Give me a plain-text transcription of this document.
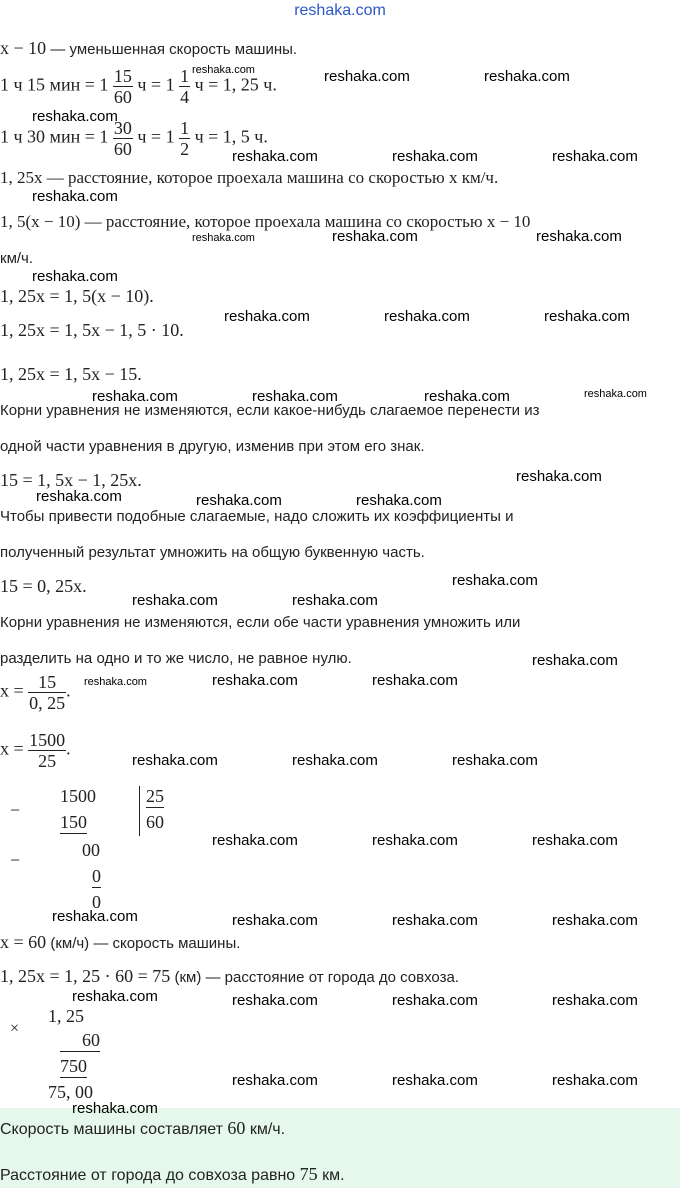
reshaka.com
x − 10 — уменьшенная скорость машины.
1 ч 15 мин = $1 \frac{15}{60}$ $ч = 1 \frac{1}{4}$ ч = 1, 25 ч.
1 ч 30 мин = $1 \frac{30}{60}$ $ч = 1 \frac{1}{2}$ ч = 1, 5 ч.
1, 25x — расстояние, которое проехала машина со скоростью x км/ч.
1, 5(x − 10) — расстояние, которое проехала машина со скоростью x − 10
км/ч.
1, 25x = 1, 5(x − 10).
1, 25x = 1, 5x − 1, 5 · 10.
1, 25x = 1, 5x − 15.
Корни уравнения не изменяются, если какое-нибудь слагаемое перенести из
одной части уравнения в другую, изменив при этом его знак.
15 = 1, 5x − 1, 25x.
Чтобы привести подобные слагаемые, надо сложить их коэффициенты и
полученный результат умножить на общую буквенную часть.
15 = 0, 25x.
Корни уравнения не изменяются, если обе части уравнения умножить или
разделить на одно и то же число, не равное нулю.
$x = \frac{15}{0, 25}$ .
$x = \frac{1500}{25}$ .
−
1500
150
−	00
0
0
25
60
x = 60 (км/ч) — скорость машины.
1, 25x = 1, 25 · 60 = 75 (км) — расстояние от города до совхоза.
×
1, 25
60
750
75, 00
Скорость машины составляет 60 км/ч.
Расстояние от города до совхоза равно 75 км.
reshaka.com	reshaka.com	reshaka.com
reshaka.com
reshaka.com	reshaka.com	reshaka.com
reshaka.com
reshaka.com	reshaka.com	reshaka.com
reshaka.com
reshaka.com	reshaka.com	reshaka.com
reshaka.com	reshaka.com	reshaka.com	reshaka.com
reshaka.com
reshaka.com	reshaka.com	reshaka.com
reshaka.com
reshaka.com	reshaka.com
reshaka.com
reshaka.com	reshaka.com	reshaka.com
reshaka.com	reshaka.com	reshaka.com
reshaka.com	reshaka.com	reshaka.com
reshaka.com	reshaka.com	reshaka.com	reshaka.com
reshaka.com	reshaka.com	reshaka.com	reshaka.com
reshaka.com	reshaka.com	reshaka.com
reshaka.com
